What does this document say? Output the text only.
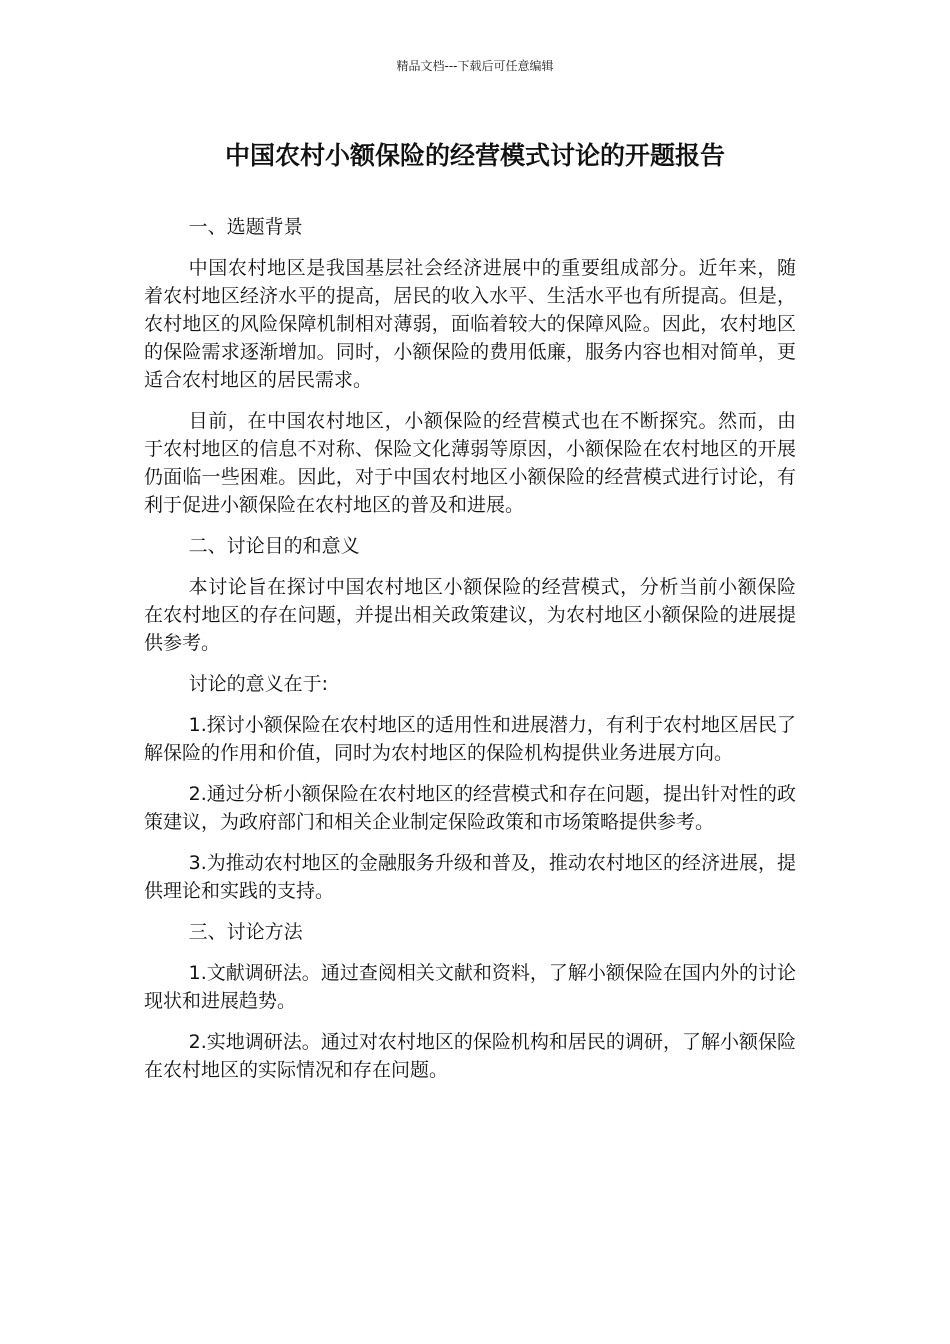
精品文档---下载后可任意编辑
中国农村小额保险的经营模式讨论的开题报告

一、选题背景

中国农村地区是我国基层社会经济进展中的重要组成部分。近年来，随着农村地区经济水平的提高，居民的收入水平、生活水平也有所提高。但是，农村地区的风险保障机制相对薄弱，面临着较大的保障风险。因此，农村地区的保险需求逐渐增加。同时，小额保险的费用低廉，服务内容也相对简单，更适合农村地区的居民需求。

目前，在中国农村地区，小额保险的经营模式也在不断探究。然而，由于农村地区的信息不对称、保险文化薄弱等原因，小额保险在农村地区的开展仍面临一些困难。因此，对于中国农村地区小额保险的经营模式进行讨论，有利于促进小额保险在农村地区的普及和进展。

二、讨论目的和意义

本讨论旨在探讨中国农村地区小额保险的经营模式，分析当前小额保险在农村地区的存在问题，并提出相关政策建议，为农村地区小额保险的进展提供参考。

讨论的意义在于:

1.探讨小额保险在农村地区的适用性和进展潜力，有利于农村地区居民了解保险的作用和价值，同时为农村地区的保险机构提供业务进展方向。

2.通过分析小额保险在农村地区的经营模式和存在问题，提出针对性的政策建议，为政府部门和相关企业制定保险政策和市场策略提供参考。

3.为推动农村地区的金融服务升级和普及，推动农村地区的经济进展，提供理论和实践的支持。

三、讨论方法

1.文献调研法。通过查阅相关文献和资料，了解小额保险在国内外的讨论现状和进展趋势。

2.实地调研法。通过对农村地区的保险机构和居民的调研，了解小额保险在农村地区的实际情况和存在问题。
